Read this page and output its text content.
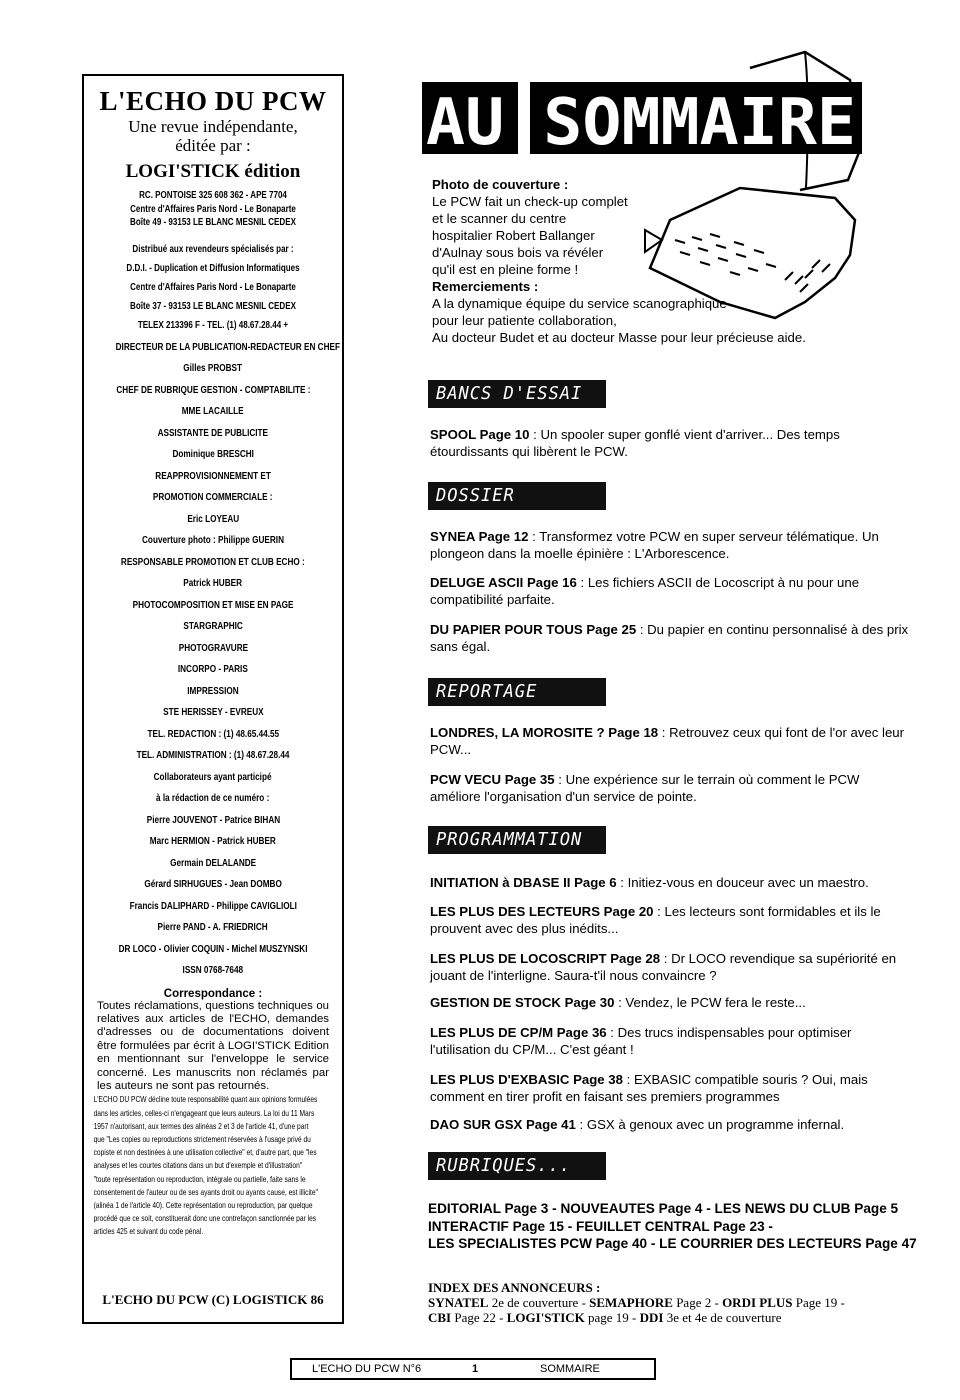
L'ECHO DU PCW
Une revue indépendante,
éditée par :
LOGI'STICK édition
RC. PONTOISE 325 608 362 - APE 7704
Centre d'Affaires Paris Nord - Le Bonaparte
Boîte 49 - 93153 LE BLANC MESNIL CEDEX
Distribué aux revendeurs spécialisés par :
D.D.I. - Duplication et Diffusion Informatiques
Centre d'Affaires Paris Nord - Le Bonaparte
Boîte 37 - 93153 LE BLANC MESNIL CEDEX
TELEX 213396 F - TEL. (1) 48.67.28.44 +
DIRECTEUR DE LA PUBLICATION-REDACTEUR EN CHEF
Gilles PROBST
CHEF DE RUBRIQUE GESTION - COMPTABILITE :
MME LACAILLE
ASSISTANTE DE PUBLICITE
Dominique BRESCHI
REAPPROVISIONNEMENT ET
PROMOTION COMMERCIALE :
Eric LOYEAU
Couverture photo : Philippe GUERIN
RESPONSABLE PROMOTION ET CLUB ECHO :
Patrick HUBER
PHOTOCOMPOSITION ET MISE EN PAGE
STARGRAPHIC
PHOTOGRAVURE
INCORPO - PARIS
IMPRESSION
STE HERISSEY - EVREUX
TEL. REDACTION : (1) 48.65.44.55
TEL. ADMINISTRATION : (1) 48.67.28.44
Collaborateurs ayant participé
à la rédaction de ce numéro :
Pierre JOUVENOT - Patrice BIHAN
Marc HERMION - Patrick HUBER
Germain DELALANDE
Gérard SIRHUGUES - Jean DOMBO
Francis DALIPHARD - Philippe CAVIGLIOLI
Pierre PAND - A. FRIEDRICH
DR LOCO - Olivier COQUIN - Michel MUSZYNSKI
ISSN 0768-7648
Correspondance :
Toutes réclamations, questions techniques ou relatives aux articles de l'ECHO, demandes d'adresses ou de documentations doivent être formulées par écrit à LOGI'STICK Edition en mentionnant sur l'enveloppe le service concerné. Les manuscrits non réclamés par les auteurs ne sont pas retournés.
L'ECHO DU PCW décline toute responsabilité quant aux opinions formulées
dans les articles, celles-ci n'engageant que leurs auteurs. La loi du 11 Mars
1957 n'autorisant, aux termes des alinéas 2 et 3 de l'article 41, d'une part
que "Les copies ou reproductions strictement réservées à l'usage privé du
copiste et non destinées à une utilisation collective" et, d'autre part, que "les
analyses et les courtes citations dans un but d'exemple et d'illustration"
"toute représentation ou reproduction, intégrale ou partielle, faite sans le
consentement de l'auteur ou de ses ayants droit ou ayants cause, est illicite"
(alinéa 1 de l'article 40). Cette représentation ou reproduction, par quelque
procédé que ce soit, constituerait donc une contrefaçon sanctionnée par les
articles 425 et suivant du code pénal.
L'ECHO DU PCW (C) LOGISTICK 86
AU SOMMAIRE
Photo de couverture :
Le PCW fait un check-up complet
et le scanner du centre
hospitalier Robert Ballanger
d'Aulnay sous bois va révéler
qu'il est en pleine forme !
Remerciements :
A la dynamique équipe du service scanographique
pour leur patiente collaboration,
Au docteur Budet et au docteur Masse pour leur précieuse aide.
BANCS D'ESSAI
DOSSIER
REPORTAGE
PROGRAMMATION
RUBRIQUES...
SPOOL Page 10 : Un spooler super gonflé vient d'arriver... Des temps étourdissants qui libèrent le PCW.
SYNEA Page 12 : Transformez votre PCW en super serveur télématique. Un plongeon dans la moelle épinière : L'Arborescence.
DELUGE ASCII Page 16 : Les fichiers ASCII de Locoscript à nu pour une compatibilité parfaite.
DU PAPIER POUR TOUS Page 25 : Du papier en continu personnalisé à des prix sans égal.
LONDRES, LA MOROSITE ? Page 18 : Retrouvez ceux qui font de l'or avec leur PCW...
PCW VECU Page 35 : Une expérience sur le terrain où comment le PCW améliore l'organisation d'un service de pointe.
INITIATION à DBASE II Page 6 : Initiez-vous en douceur avec un maestro.
LES PLUS DES LECTEURS Page 20 : Les lecteurs sont formidables et ils le prouvent avec des plus inédits...
LES PLUS DE LOCOSCRIPT Page 28 : Dr LOCO revendique sa supériorité en jouant de l'interligne. Saura-t'il nous convaincre ?
GESTION DE STOCK Page 30 : Vendez, le PCW fera le reste...
LES PLUS DE CP/M Page 36 : Des trucs indispensables pour optimiser l'utilisation du CP/M... C'est géant !
LES PLUS D'EXBASIC Page 38 : EXBASIC compatible souris ? Oui, mais comment en tirer profit en faisant ses premiers programmes
DAO SUR GSX Page 41 : GSX à genoux avec un programme infernal.
EDITORIAL Page 3 - NOUVEAUTES Page 4 - LES NEWS DU CLUB Page 5
INTERACTIF Page 15 - FEUILLET CENTRAL Page 23 -
LES SPECIALISTES PCW Page 40 - LE COURRIER DES LECTEURS Page 47
INDEX DES ANNONCEURS :
SYNATEL 2e de couverture - SEMAPHORE Page 2 - ORDI PLUS Page 19 -
CBI Page 22 - LOGI'STICK page 19 - DDI 3e et 4e de couverture
L'ECHO DU PCW N°6	1	SOMMAIRE
